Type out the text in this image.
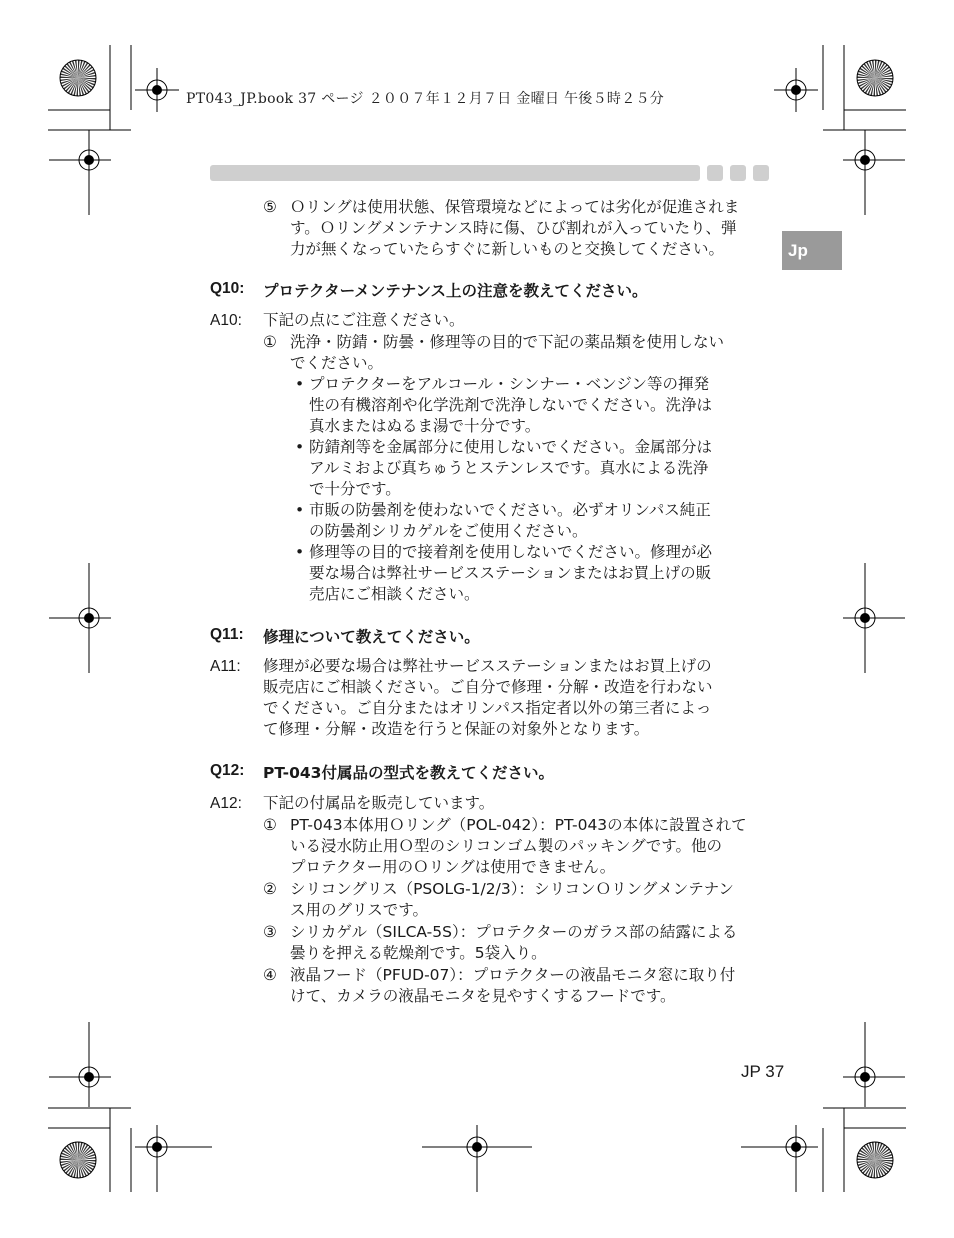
PT043_JP.book 37 ページ ２００７年１２月７日 金曜日 午後５時２５分
Jp
⑤ Ｏリングは使用状態、保管環境などによっては劣化が促進されま
す。Ｏリングメンテナンス時に傷、ひび割れが入っていたり、弾
力が無くなっていたらすぐに新しいものと交換してください。
Q10: プロテクターメンテナンス上の注意を教えてください。
A10: 下記の点にご注意ください。
① 洗浄・防錆・防曇・修理等の目的で下記の薬品類を使用しない
でください。
• プロテクターをアルコール・シンナー・ベンジン等の揮発
性の有機溶剤や化学洗剤で洗浄しないでください。洗浄は
真水またはぬるま湯で十分です。
• 防錆剤等を金属部分に使用しないでください。金属部分は
アルミおよび真ちゅうとステンレスです。真水による洗浄
で十分です。
• 市販の防曇剤を使わないでください。必ずオリンパス純正
の防曇剤シリカゲルをご使用ください。
• 修理等の目的で接着剤を使用しないでください。修理が必
要な場合は弊社サービスステーションまたはお買上げの販
売店にご相談ください。
Q11: 修理について教えてください。
A11: 修理が必要な場合は弊社サービスステーションまたはお買上げの
販売店にご相談ください。ご自分で修理・分解・改造を行わない
でください。ご自分またはオリンパス指定者以外の第三者によっ
て修理・分解・改造を行うと保証の対象外となります。
Q12: PT-043付属品の型式を教えてください。
A12: 下記の付属品を販売しています。
① PT-043本体用Ｏリング（POL-042）：PT-043の本体に設置されて
いる浸水防止用Ｏ型のシリコンゴム製のパッキングです。他の
プロテクター用のＯリングは使用できません。
② シリコングリス（PSOLG-1/2/3）：シリコンＯリングメンテナン
ス用のグリスです。
③ シリカゲル（SILCA-5S）：プロテクターのガラス部の結露による
曇りを押える乾燥剤です。5袋入り。
④ 液晶フード（PFUD-07）：プロテクターの液晶モニタ窓に取り付
けて、カメラの液晶モニタを見やすくするフードです。
JP 37
